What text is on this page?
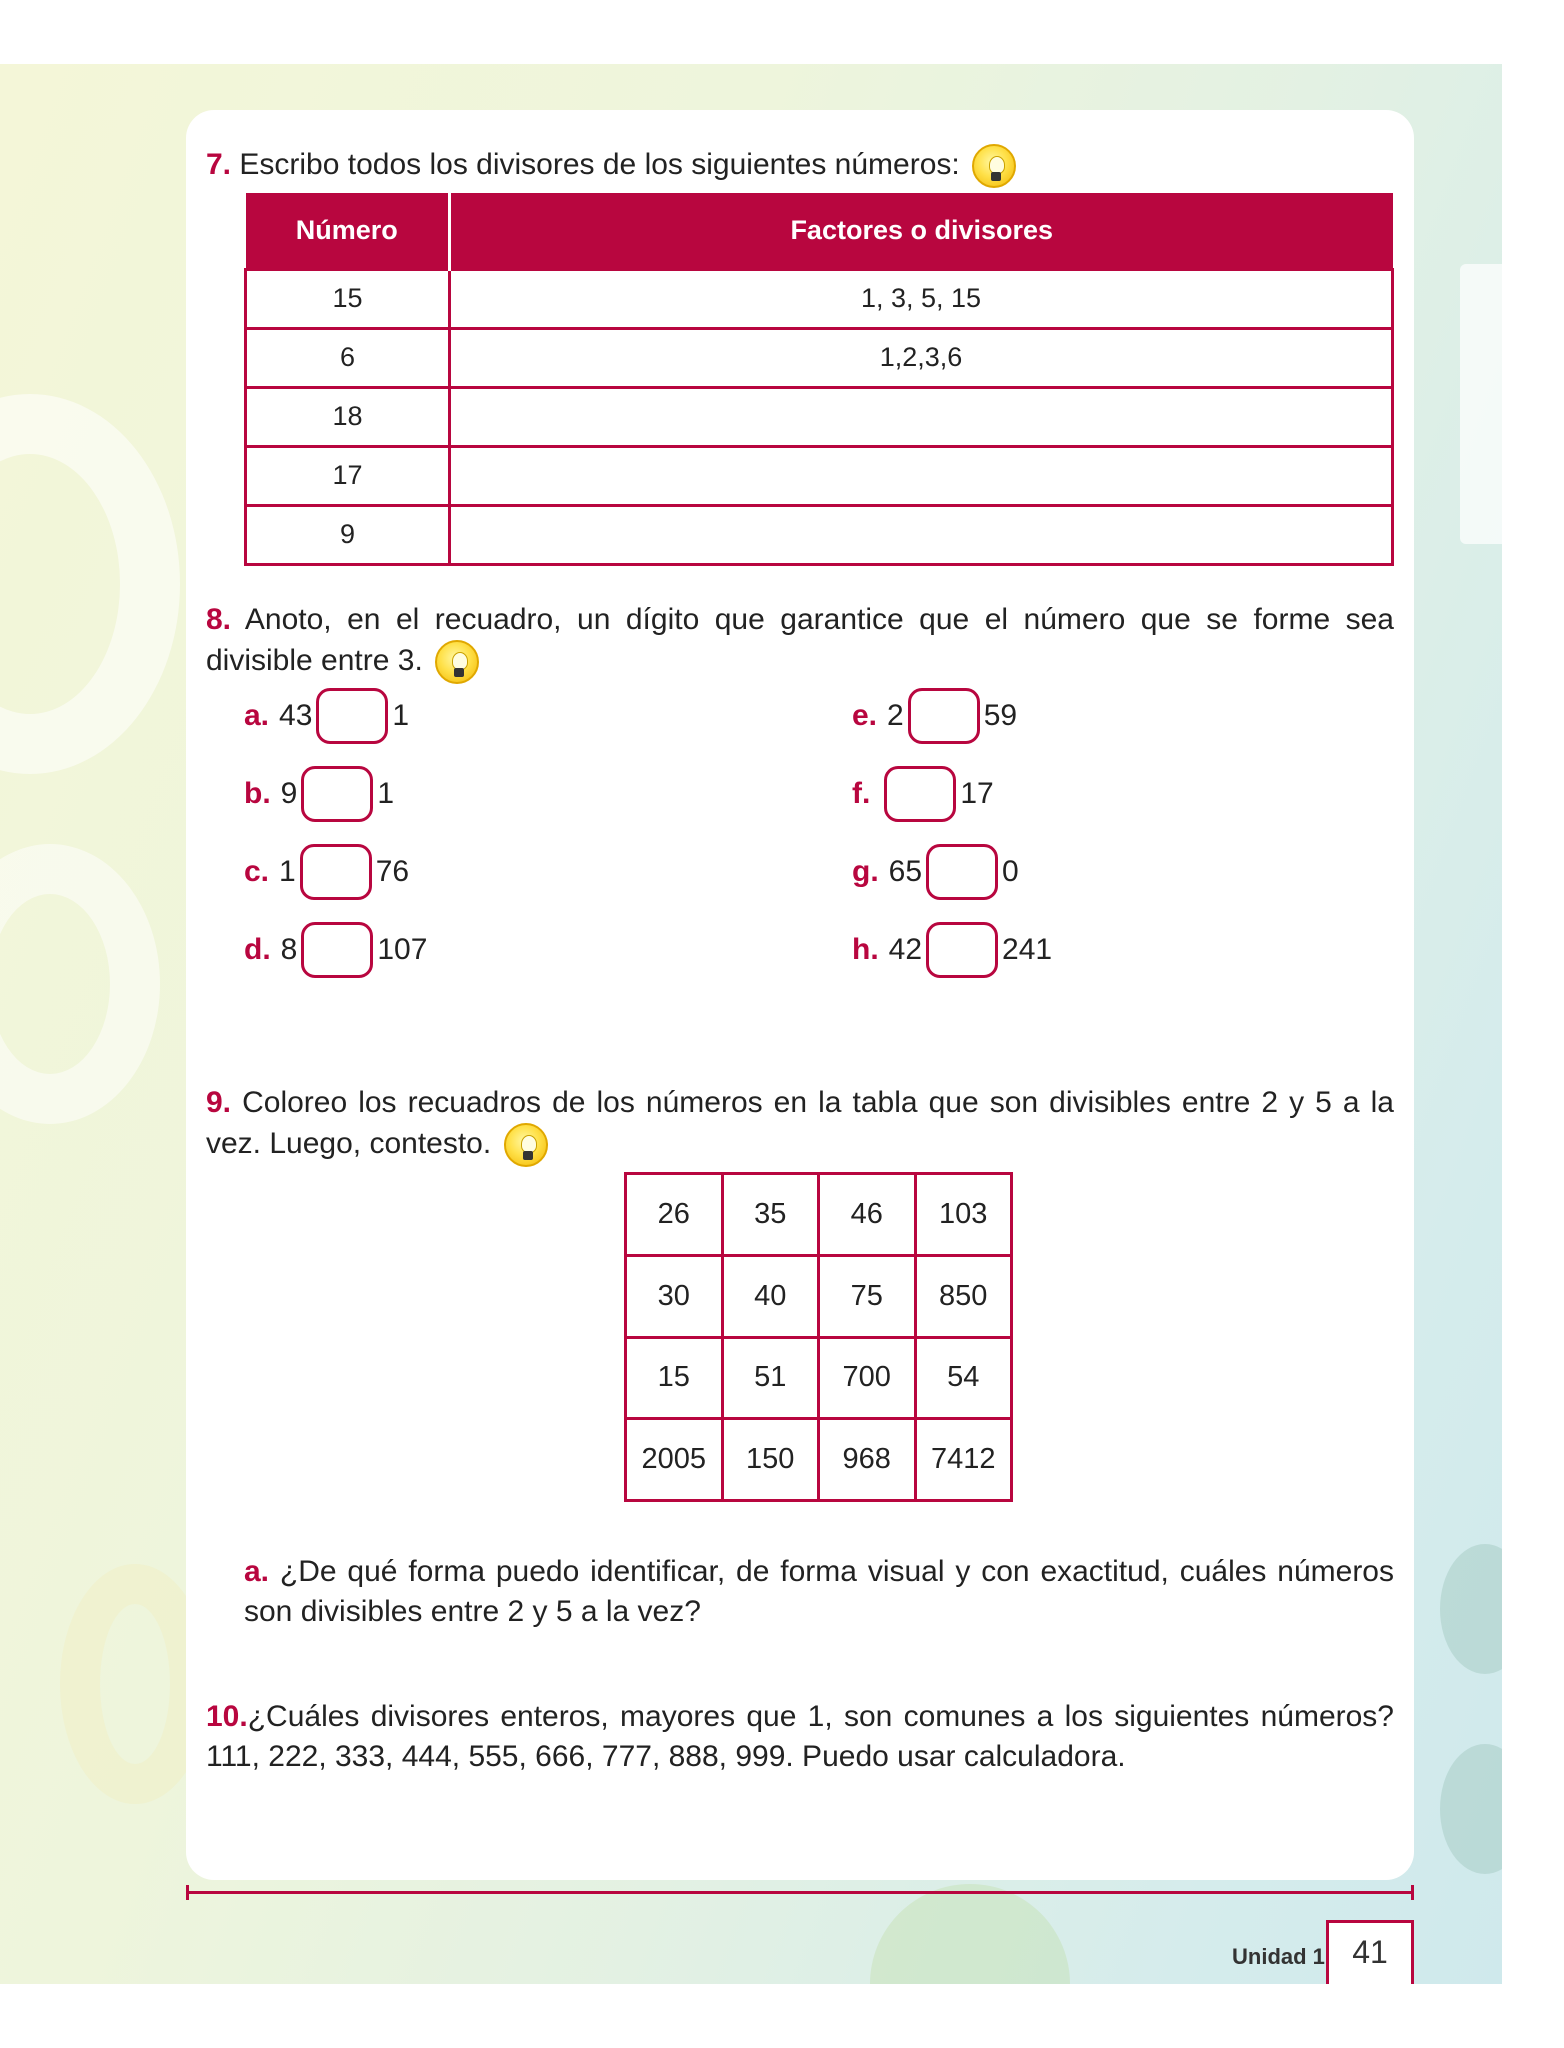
7. Escribo todos los divisores de los siguientes números:
Número	Factores o divisores
15	1, 3, 5, 15
6	1,2,3,6
18	
17	
9	
8. Anoto, en el recuadro, un dígito que garantice que el número que se forme sea divisible entre 3.
a. 43	1
b. 9	1
c. 1	76
d. 8	107
e. 2	59
f.	17
g. 65	0
h. 42	241
9. Coloreo los recuadros de los números en la tabla que son divisibles entre 2 y 5 a la vez. Luego, contesto.
26	35	46	103
30	40	75	850
15	51	700	54
2005	150	968	7412
a. ¿De qué forma puedo identificar, de forma visual y con exactitud, cuáles números son divisibles entre 2 y 5 a la vez?
10.¿Cuáles divisores enteros, mayores que 1, son comunes a los siguientes números? 111, 222, 333, 444, 555, 666, 777, 888, 999. Puedo usar calculadora.
Unidad 1 41
